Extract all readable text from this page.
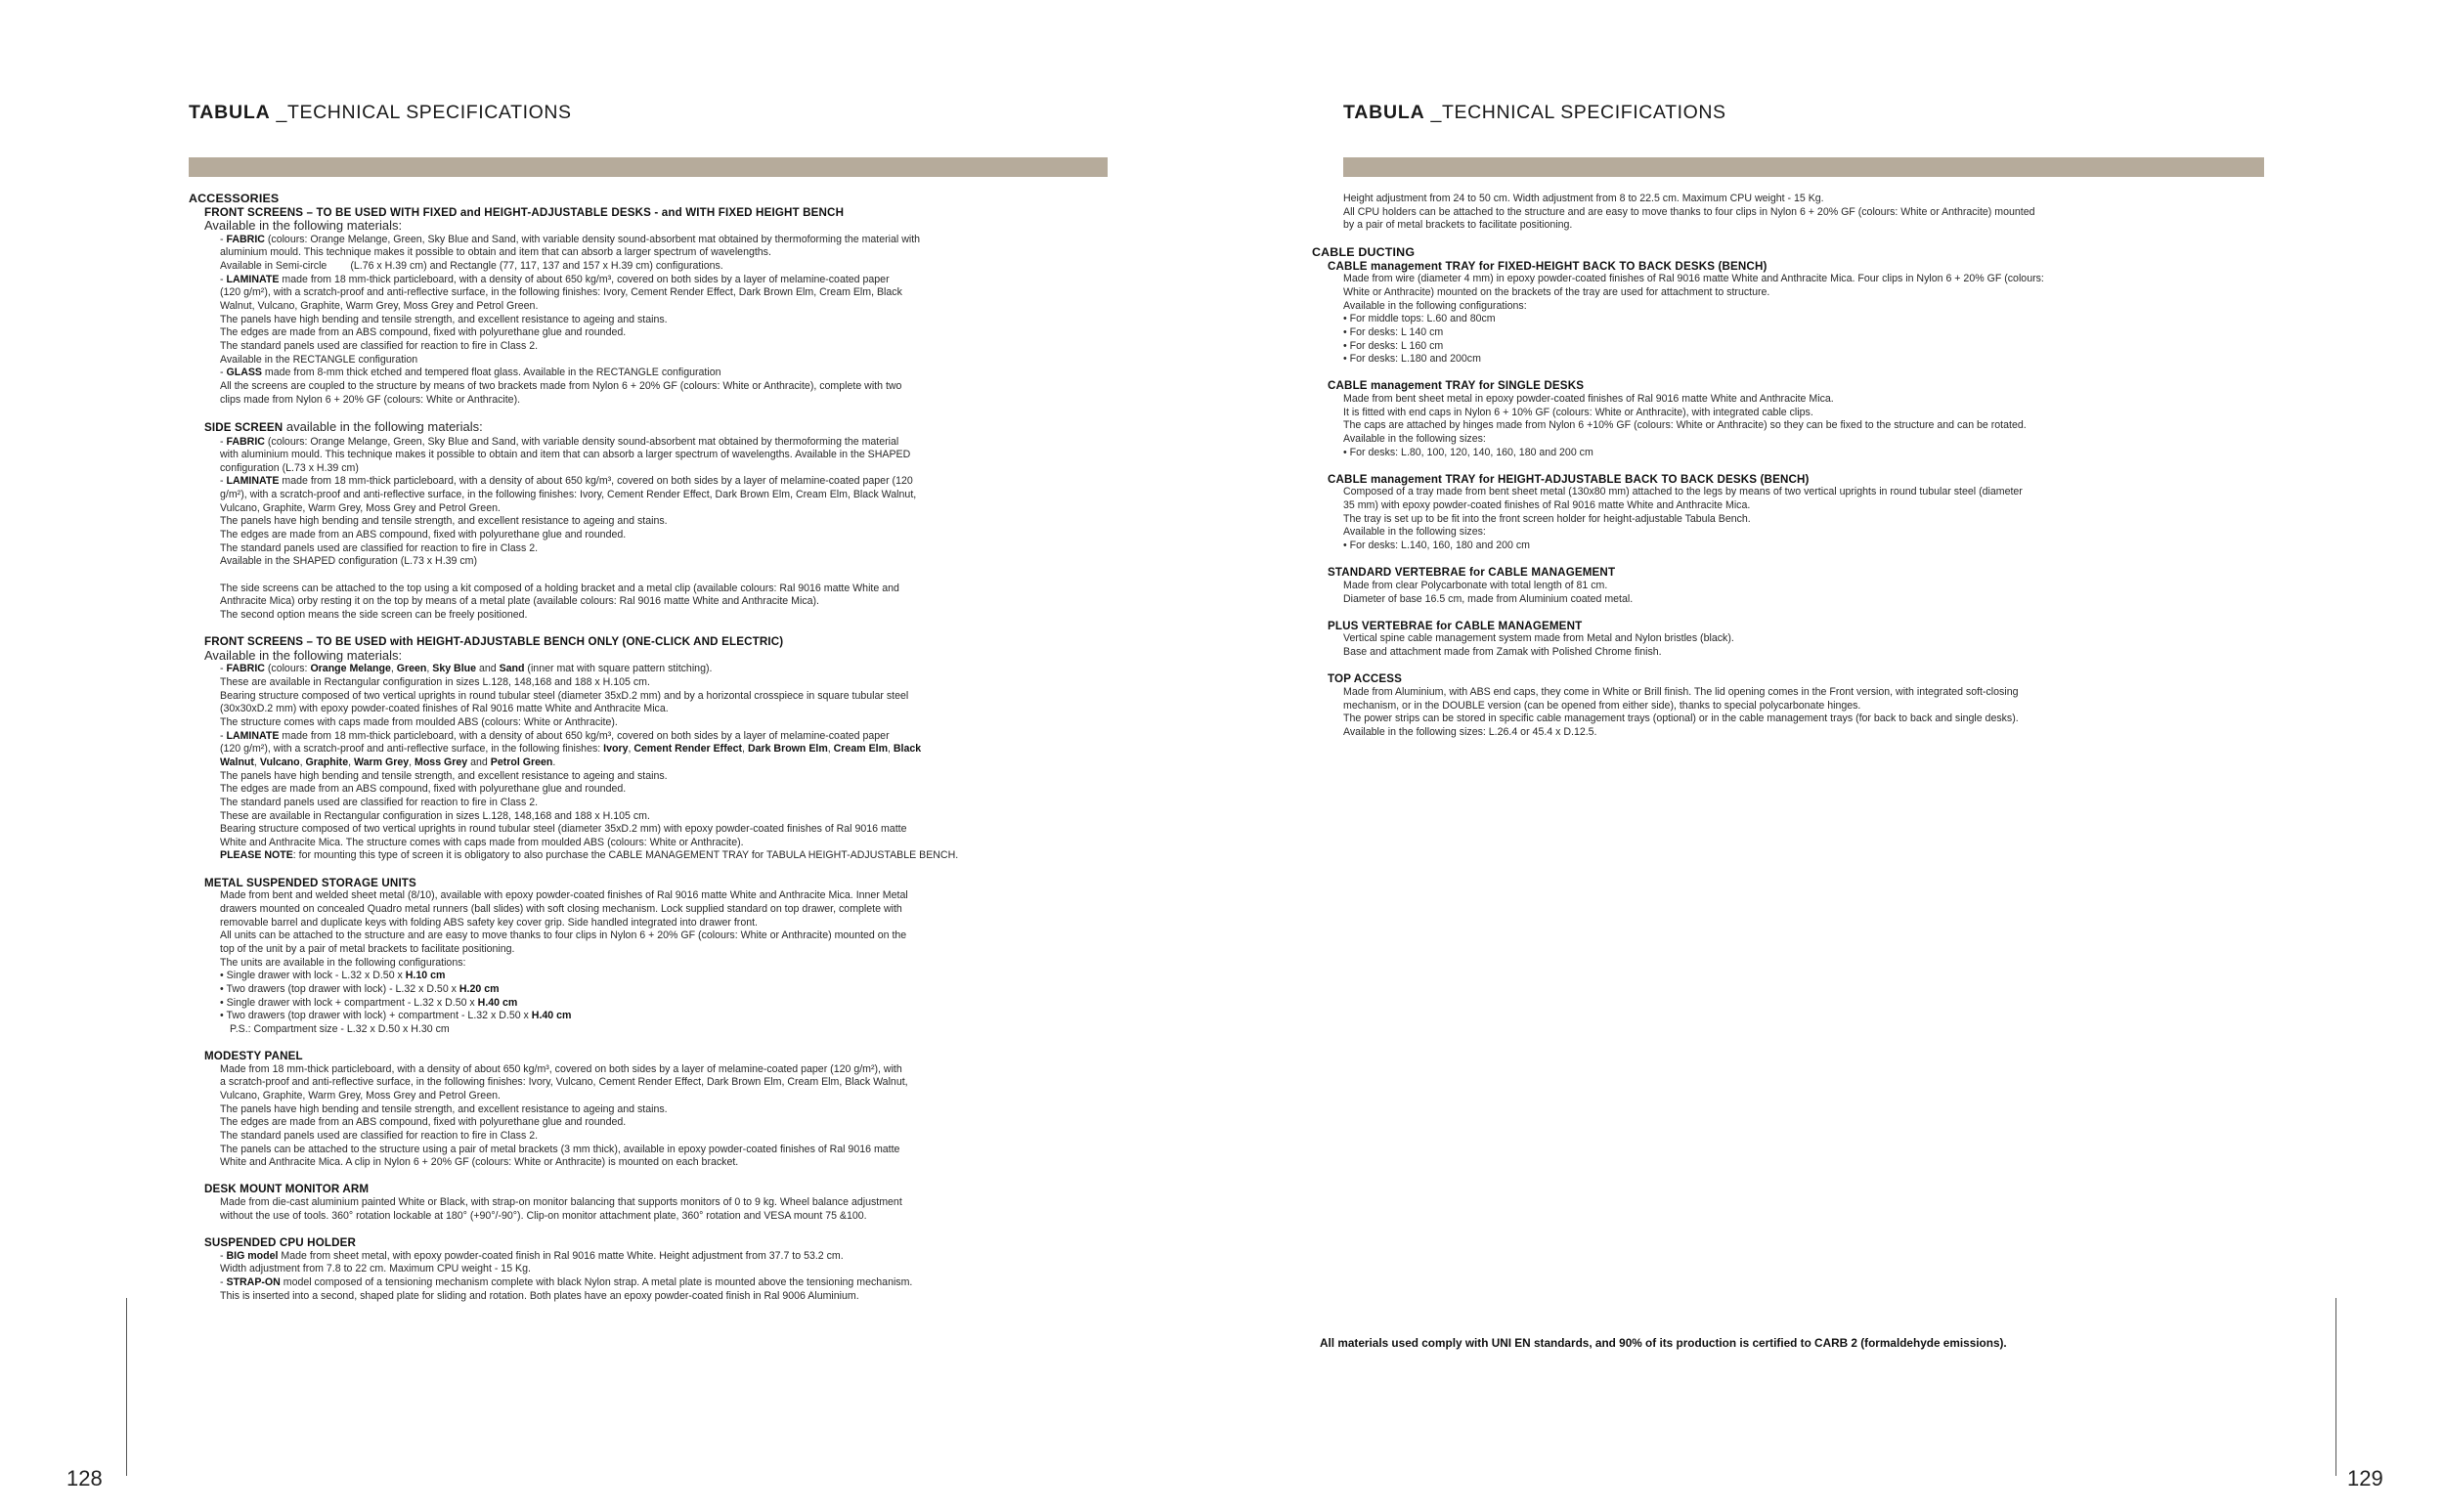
TABULA _TECHNICAL SPECIFICATIONS

ACCESSORIES

FRONT SCREENS – TO BE USED WITH FIXED and HEIGHT-ADJUSTABLE DESKS - and WITH FIXED HEIGHT BENCH

Available in the following materials:

- FABRIC (colours: Orange Melange, Green, Sky Blue and Sand, with variable density sound-absorbent mat obtained by thermoforming the material with

aluminium mould. This technique makes it possible to obtain and item that can absorb a larger spectrum of wavelengths.

Available in Semi-circle (L.76 x H.39 cm) and Rectangle (77, 117, 137 and 157 x H.39 cm) configurations.

- LAMINATE made from 18 mm-thick particleboard, with a density of about 650 kg/m³, covered on both sides by a layer of melamine-coated paper

(120 g/m²), with a scratch-proof and anti-reflective surface, in the following finishes: Ivory, Cement Render Effect, Dark Brown Elm, Cream Elm, Black

Walnut, Vulcano, Graphite, Warm Grey, Moss Grey and Petrol Green.

The panels have high bending and tensile strength, and excellent resistance to ageing and stains.

The edges are made from an ABS compound, fixed with polyurethane glue and rounded.

The standard panels used are classified for reaction to fire in Class 2.

Available in the RECTANGLE configuration

- GLASS made from 8-mm thick etched and tempered float glass. Available in the RECTANGLE configuration

All the screens are coupled to the structure by means of two brackets made from Nylon 6 + 20% GF (colours: White or Anthracite), complete with two

clips made from Nylon 6 + 20% GF (colours: White or Anthracite).

SIDE SCREEN available in the following materials:

- FABRIC (colours: Orange Melange, Green, Sky Blue and Sand, with variable density sound-absorbent mat obtained by thermoforming the material

with aluminium mould. This technique makes it possible to obtain and item that can absorb a larger spectrum of wavelengths. Available in the SHAPED

configuration (L.73 x H.39 cm)

- LAMINATE made from 18 mm-thick particleboard, with a density of about 650 kg/m³, covered on both sides by a layer of melamine-coated paper (120

g/m²), with a scratch-proof and anti-reflective surface, in the following finishes: Ivory, Cement Render Effect, Dark Brown Elm, Cream Elm, Black Walnut,

Vulcano, Graphite, Warm Grey, Moss Grey and Petrol Green.

The panels have high bending and tensile strength, and excellent resistance to ageing and stains.

The edges are made from an ABS compound, fixed with polyurethane glue and rounded.

The standard panels used are classified for reaction to fire in Class 2.

Available in the SHAPED configuration (L.73 x H.39 cm)

The side screens can be attached to the top using a kit composed of a holding bracket and a metal clip (available colours: Ral 9016 matte White and

Anthracite Mica) orby resting it on the top by means of a metal plate (available colours: Ral 9016 matte White and Anthracite Mica).

The second option means the side screen can be freely positioned.

FRONT SCREENS – TO BE USED with HEIGHT-ADJUSTABLE BENCH ONLY (ONE-CLICK AND ELECTRIC)

Available in the following materials:

- FABRIC (colours: Orange Melange, Green, Sky Blue and Sand (inner mat with square pattern stitching).

These are available in Rectangular configuration in sizes L.128, 148,168 and 188 x H.105 cm.

Bearing structure composed of two vertical uprights in round tubular steel (diameter 35xD.2 mm) and by a horizontal crosspiece in square tubular steel

(30x30xD.2 mm) with epoxy powder-coated finishes of Ral 9016 matte White and Anthracite Mica.

The structure comes with caps made from moulded ABS (colours: White or Anthracite).

- LAMINATE made from 18 mm-thick particleboard, with a density of about 650 kg/m³, covered on both sides by a layer of melamine-coated paper

(120 g/m²), with a scratch-proof and anti-reflective surface, in the following finishes: Ivory, Cement Render Effect, Dark Brown Elm, Cream Elm, Black

Walnut, Vulcano, Graphite, Warm Grey, Moss Grey and Petrol Green.

The panels have high bending and tensile strength, and excellent resistance to ageing and stains.

The edges are made from an ABS compound, fixed with polyurethane glue and rounded.

The standard panels used are classified for reaction to fire in Class 2.

These are available in Rectangular configuration in sizes L.128, 148,168 and 188 x H.105 cm.

Bearing structure composed of two vertical uprights in round tubular steel (diameter 35xD.2 mm) with epoxy powder-coated finishes of Ral 9016 matte

White and Anthracite Mica. The structure comes with caps made from moulded ABS (colours: White or Anthracite).

PLEASE NOTE: for mounting this type of screen it is obligatory to also purchase the CABLE MANAGEMENT TRAY for TABULA HEIGHT-ADJUSTABLE BENCH.

METAL SUSPENDED STORAGE UNITS

Made from bent and welded sheet metal (8/10), available with epoxy powder-coated finishes of Ral 9016 matte White and Anthracite Mica. Inner Metal

drawers mounted on concealed Quadro metal runners (ball slides) with soft closing mechanism. Lock supplied standard on top drawer, complete with

removable barrel and duplicate keys with folding ABS safety key cover grip. Side handled integrated into drawer front.

All units can be attached to the structure and are easy to move thanks to four clips in Nylon 6 + 20% GF (colours: White or Anthracite) mounted on the

top of the unit by a pair of metal brackets to facilitate positioning.

The units are available in the following configurations:

• Single drawer with lock - L.32 x D.50 x H.10 cm

• Two drawers (top drawer with lock) - L.32 x D.50 x H.20 cm

• Single drawer with lock + compartment - L.32 x D.50 x H.40 cm

• Two drawers (top drawer with lock) + compartment - L.32 x D.50 x H.40 cm

P.S.: Compartment size - L.32 x D.50 x H.30 cm

MODESTY PANEL

Made from 18 mm-thick particleboard, with a density of about 650 kg/m³, covered on both sides by a layer of melamine-coated paper (120 g/m²), with

a scratch-proof and anti-reflective surface, in the following finishes: Ivory, Vulcano, Cement Render Effect, Dark Brown Elm, Cream Elm, Black Walnut,

Vulcano, Graphite, Warm Grey, Moss Grey and Petrol Green.

The panels have high bending and tensile strength, and excellent resistance to ageing and stains.

The edges are made from an ABS compound, fixed with polyurethane glue and rounded.

The standard panels used are classified for reaction to fire in Class 2.

The panels can be attached to the structure using a pair of metal brackets (3 mm thick), available in epoxy powder-coated finishes of Ral 9016 matte

White and Anthracite Mica. A clip in Nylon 6 + 20% GF (colours: White or Anthracite) is mounted on each bracket.

DESK MOUNT MONITOR ARM

Made from die-cast aluminium painted White or Black, with strap-on monitor balancing that supports monitors of 0 to 9 kg. Wheel balance adjustment

without the use of tools. 360° rotation lockable at 180° (+90°/-90°). Clip-on monitor attachment plate, 360° rotation and VESA mount 75 &100.

SUSPENDED CPU HOLDER

- BIG model Made from sheet metal, with epoxy powder-coated finish in Ral 9016 matte White. Height adjustment from 37.7 to 53.2 cm.

Width adjustment from 7.8 to 22 cm. Maximum CPU weight - 15 Kg.

- STRAP-ON model composed of a tensioning mechanism complete with black Nylon strap. A metal plate is mounted above the tensioning mechanism.

This is inserted into a second, shaped plate for sliding and rotation. Both plates have an epoxy powder-coated finish in Ral 9006 Aluminium.

128
TABULA _TECHNICAL SPECIFICATIONS

Height adjustment from 24 to 50 cm. Width adjustment from 8 to 22.5 cm. Maximum CPU weight - 15 Kg.

All CPU holders can be attached to the structure and are easy to move thanks to four clips in Nylon 6 + 20% GF (colours: White or Anthracite) mounted

by a pair of metal brackets to facilitate positioning.

CABLE DUCTING

CABLE management TRAY for FIXED-HEIGHT BACK TO BACK DESKS (BENCH)

Made from wire (diameter 4 mm) in epoxy powder-coated finishes of Ral 9016 matte White and Anthracite Mica. Four clips in Nylon 6 + 20% GF (colours:

White or Anthracite) mounted on the brackets of the tray are used for attachment to structure.

Available in the following configurations:

• For middle tops: L.60 and 80cm

• For desks: L 140 cm

• For desks: L 160 cm

• For desks: L.180 and 200cm

CABLE management TRAY for SINGLE DESKS

Made from bent sheet metal in epoxy powder-coated finishes of Ral 9016 matte White and Anthracite Mica.

It is fitted with end caps in Nylon 6 + 10% GF (colours: White or Anthracite), with integrated cable clips.

The caps are attached by hinges made from Nylon 6 +10% GF (colours: White or Anthracite) so they can be fixed to the structure and can be rotated.

Available in the following sizes:

• For desks: L.80, 100, 120, 140, 160, 180 and 200 cm

CABLE management TRAY for HEIGHT-ADJUSTABLE BACK TO BACK DESKS (BENCH)

Composed of a tray made from bent sheet metal (130x80 mm) attached to the legs by means of two vertical uprights in round tubular steel (diameter

35 mm) with epoxy powder-coated finishes of Ral 9016 matte White and Anthracite Mica.

The tray is set up to be fit into the front screen holder for height-adjustable Tabula Bench.

Available in the following sizes:

• For desks: L.140, 160, 180 and 200 cm

STANDARD VERTEBRAE for CABLE MANAGEMENT

Made from clear Polycarbonate with total length of 81 cm.

Diameter of base 16.5 cm, made from Aluminium coated metal.

PLUS VERTEBRAE for CABLE MANAGEMENT

Vertical spine cable management system made from Metal and Nylon bristles (black).

Base and attachment made from Zamak with Polished Chrome finish.

TOP ACCESS

Made from Aluminium, with ABS end caps, they come in White or Brill finish. The lid opening comes in the Front version, with integrated soft-closing

mechanism, or in the DOUBLE version (can be opened from either side), thanks to special polycarbonate hinges.

The power strips can be stored in specific cable management trays (optional) or in the cable management trays (for back to back and single desks).

Available in the following sizes: L.26.4 or 45.4 x D.12.5.

All materials used comply with UNI EN standards, and 90% of its production is certified to CARB 2 (formaldehyde emissions).
129
